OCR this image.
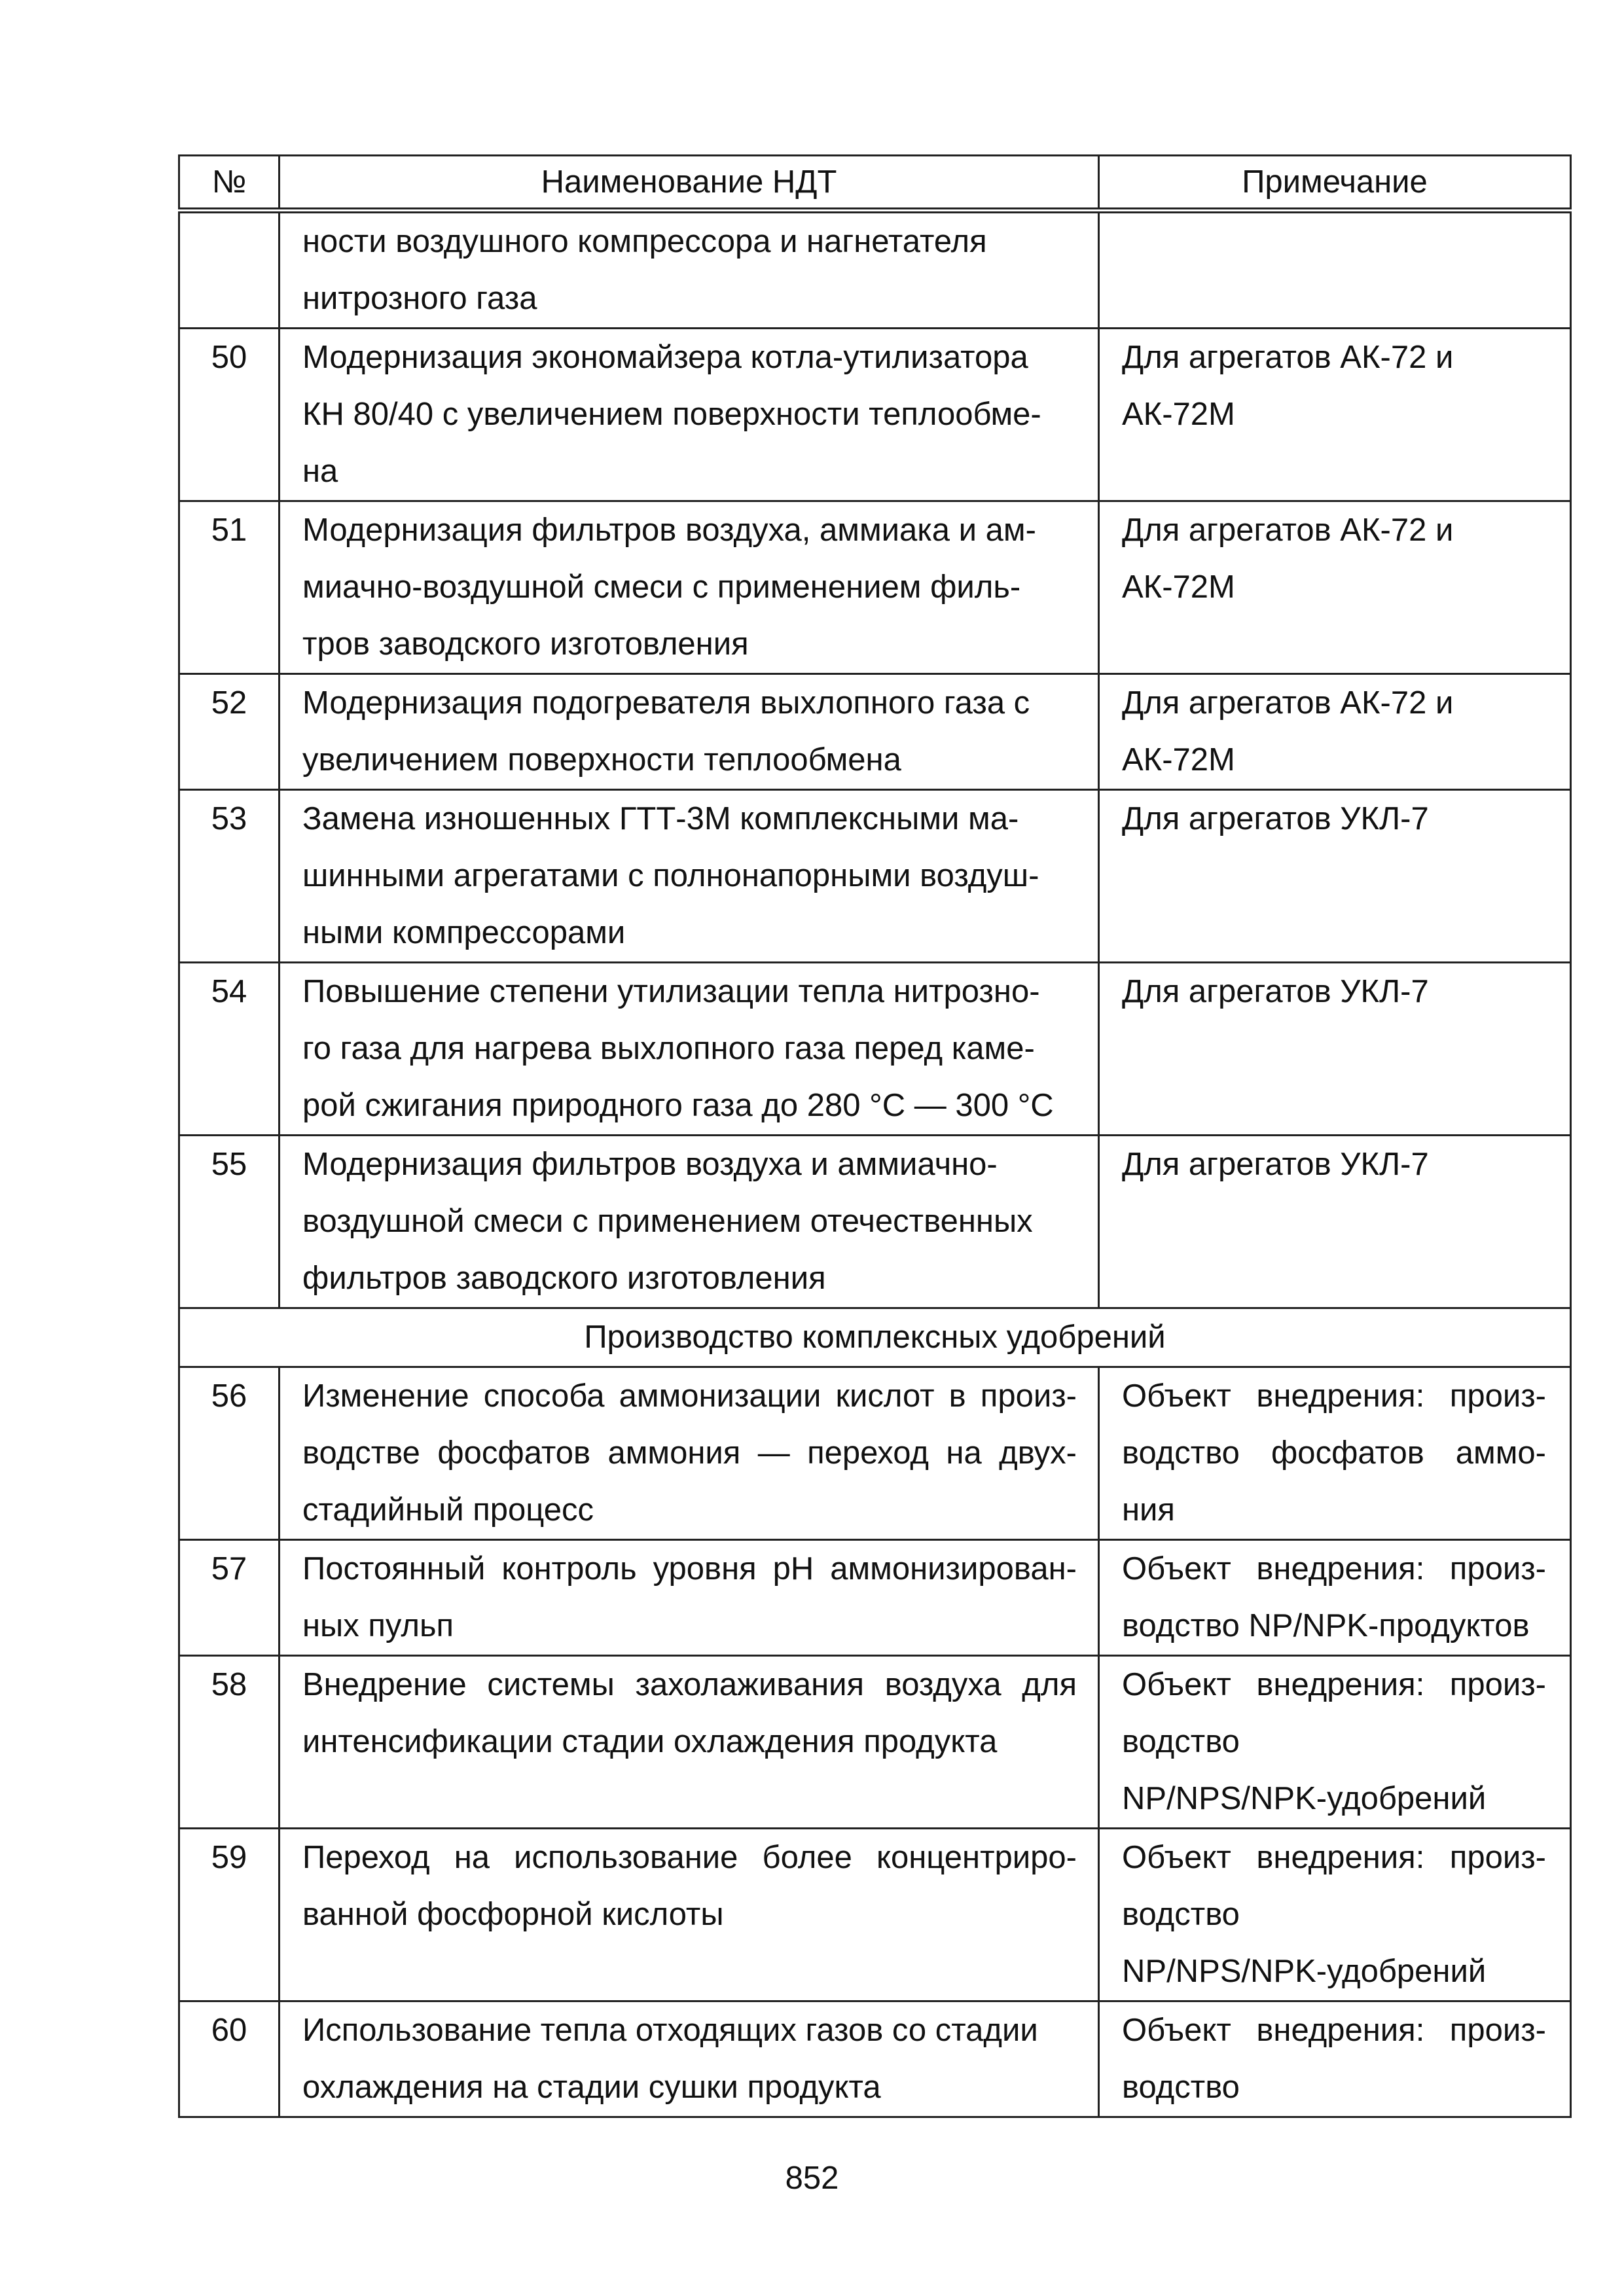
№	Наименование НДТ	Примечание

	ности воздушного компрессора и нагнетателя
нитрозного газа	

50	Модернизация экономайзера котла-утилизатора
КН 80/40 с увеличением поверхности теплообме-
на	Для агрегатов АК-72 и
АК-72М

51	Модернизация фильтров воздуха, аммиака и ам-
миачно-воздушной смеси с применением филь-
тров заводского изготовления	Для агрегатов АК-72 и
АК-72М

52	Модернизация подогревателя выхлопного газа с
увеличением поверхности теплообмена	Для агрегатов АК-72 и
АК-72М

53	Замена изношенных ГТТ-3М комплексными ма-
шинными агрегатами с полнонапорными воздуш-
ными компрессорами	Для агрегатов УКЛ-7

54	Повышение степени утилизации тепла нитрозно-
го газа для нагрева выхлопного газа перед каме-
рой сжигания природного газа до 280 °С — 300 °С	Для агрегатов УКЛ-7

55	Модернизация фильтров воздуха и аммиачно-
воздушной смеси с применением отечественных
фильтров заводского изготовления	Для агрегатов УКЛ-7

Производство комплексных удобрений		
56	Изменение способа аммонизации кислот в произ-
водстве фосфатов аммония — переход на двух-
стадийный процесс	Объект внедрения: произ-
водство фосфатов аммо-
ния

57	Постоянный контроль уровня pH аммонизирован-
ных пульп	Объект внедрения: произ-
водство NP/NPK-продуктов

58	Внедрение системы захолаживания воздуха для
интенсификации стадии охлаждения продукта	Объект внедрения: произ-
водство
NP/NPS/NPK-удобрений

59	Переход на использование более концентриро-
ванной фосфорной кислоты	Объект внедрения: произ-
водство
NP/NPS/NPK-удобрений

60	Использование тепла отходящих газов со стадии
охлаждения на стадии сушки продукта	Объект внедрения: произ-
водство
852
